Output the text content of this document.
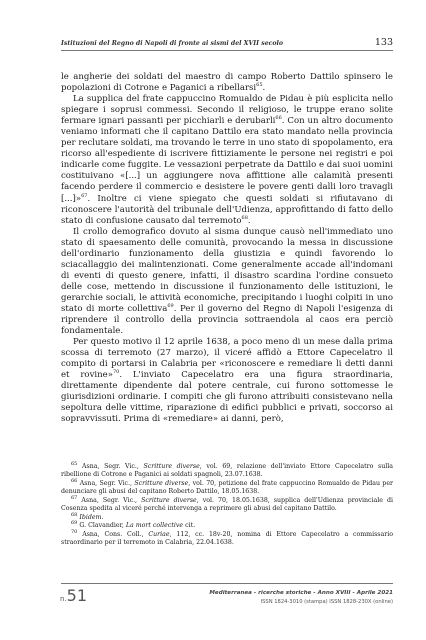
Istituzioni del Regno di Napoli di fronte ai sismi del XVII secolo	133

le angherie dei soldati del maestro di campo Roberto Dattilo spinsero le popolazioni di Cotrone e Paganici a ribellarsi$^{65}$.

La supplica del frate cappuccino Romualdo de Pidau è più esplicita nello spiegare i soprusi commessi. Secondo il religioso, le truppe erano solite fermare ignari passanti per picchiarli e derubarli$^{66}$. Con un altro documento veniamo informati che il capitano Dattilo era stato mandato nella provincia per reclutare soldati, ma trovando le terre in uno stato di spopolamento, era ricorso all'espediente di iscrivere fittiziamente le persone nei registri e poi indicarle come fuggite. Le vessazioni perpetrate da Dattilo e dai suoi uomini costituivano «[...] un aggiungere nova affittione alle calamità presenti facendo perdere il commercio e desistere le povere genti dalli loro travagli [...]»$^{67}$. Inoltre ci viene spiegato che questi soldati si rifiutavano di riconoscere l'autorità del tribunale dell'Udienza, approfittando di fatto dello stato di confusione causato dal terremoto$^{68}$.

Il crollo demografico dovuto al sisma dunque causò nell'immediato uno stato di spaesamento delle comunità, provocando la messa in discussione dell'ordinario funzionamento della giustizia e quindi favorendo lo sciacallaggio dei malintenzionati. Come generalmente accade all'indomani di eventi di questo genere, infatti, il disastro scardina l'ordine consueto delle cose, mettendo in discussione il funzionamento delle istituzioni, le gerarchie sociali, le attività economiche, precipitando i luoghi colpiti in uno stato di morte collettiva$^{69}$. Per il governo del Regno di Napoli l'esigenza di riprendere il controllo della provincia sottraendola al caos era perciò fondamentale.

Per questo motivo il 12 aprile 1638, a poco meno di un mese dalla prima scossa di terremoto (27 marzo), il viceré affidò a Ettore Capecelatro il compito di portarsi in Calabria per «riconoscere e remediare li detti danni et rovine»$^{70}$. L'inviato Capecelatro era una figura straordinaria, direttamente dipendente dal potere centrale, cui furono sottomesse le giurisdizioni ordinarie. I compiti che gli furono attribuiti consistevano nella sepoltura delle vittime, riparazione di edifici pubblici e privati, soccorso ai sopravvissuti. Prima di «remediare» ai danni, però,

$^{65}$ Asna, Segr. Vic., Scritture diverse, vol. 69, relazione dell'inviato Ettore Capecelatro sulla ribellione di Cotrone e Paganici ai soldati spagnoli, 23.07.1638.

$^{66}$ Asna, Segr. Vic., Scritture diverse, vol. 70, petizione del frate cappuccino Romualdo de Pidau per denunciare gli abusi del capitano Roberto Dattilo, 18.05.1638.

$^{67}$ Asna, Segr. Vic., Scritture diverse, vol. 70, 18.05.1638, supplica dell'Udienza provinciale di Cosenza spedita al viceré perché intervenga a reprimere gli abusi del capitano Dattilo.

$^{68}$ Ibidem.

$^{69}$ G. Clavandier, La mort collective cit.

$^{70}$ Asna, Cons. Coll., Curiae, 112, cc. 18v-20, nomina di Ettore Capecelatro a commissario straordinario per il terremoto in Calabria, 22.04.1638.

n.51	Mediterranea - ricerche storiche - Anno XVIII - Aprile 2021
ISSN 1824-3010 (stampa) ISSN 1828-230X (online)
